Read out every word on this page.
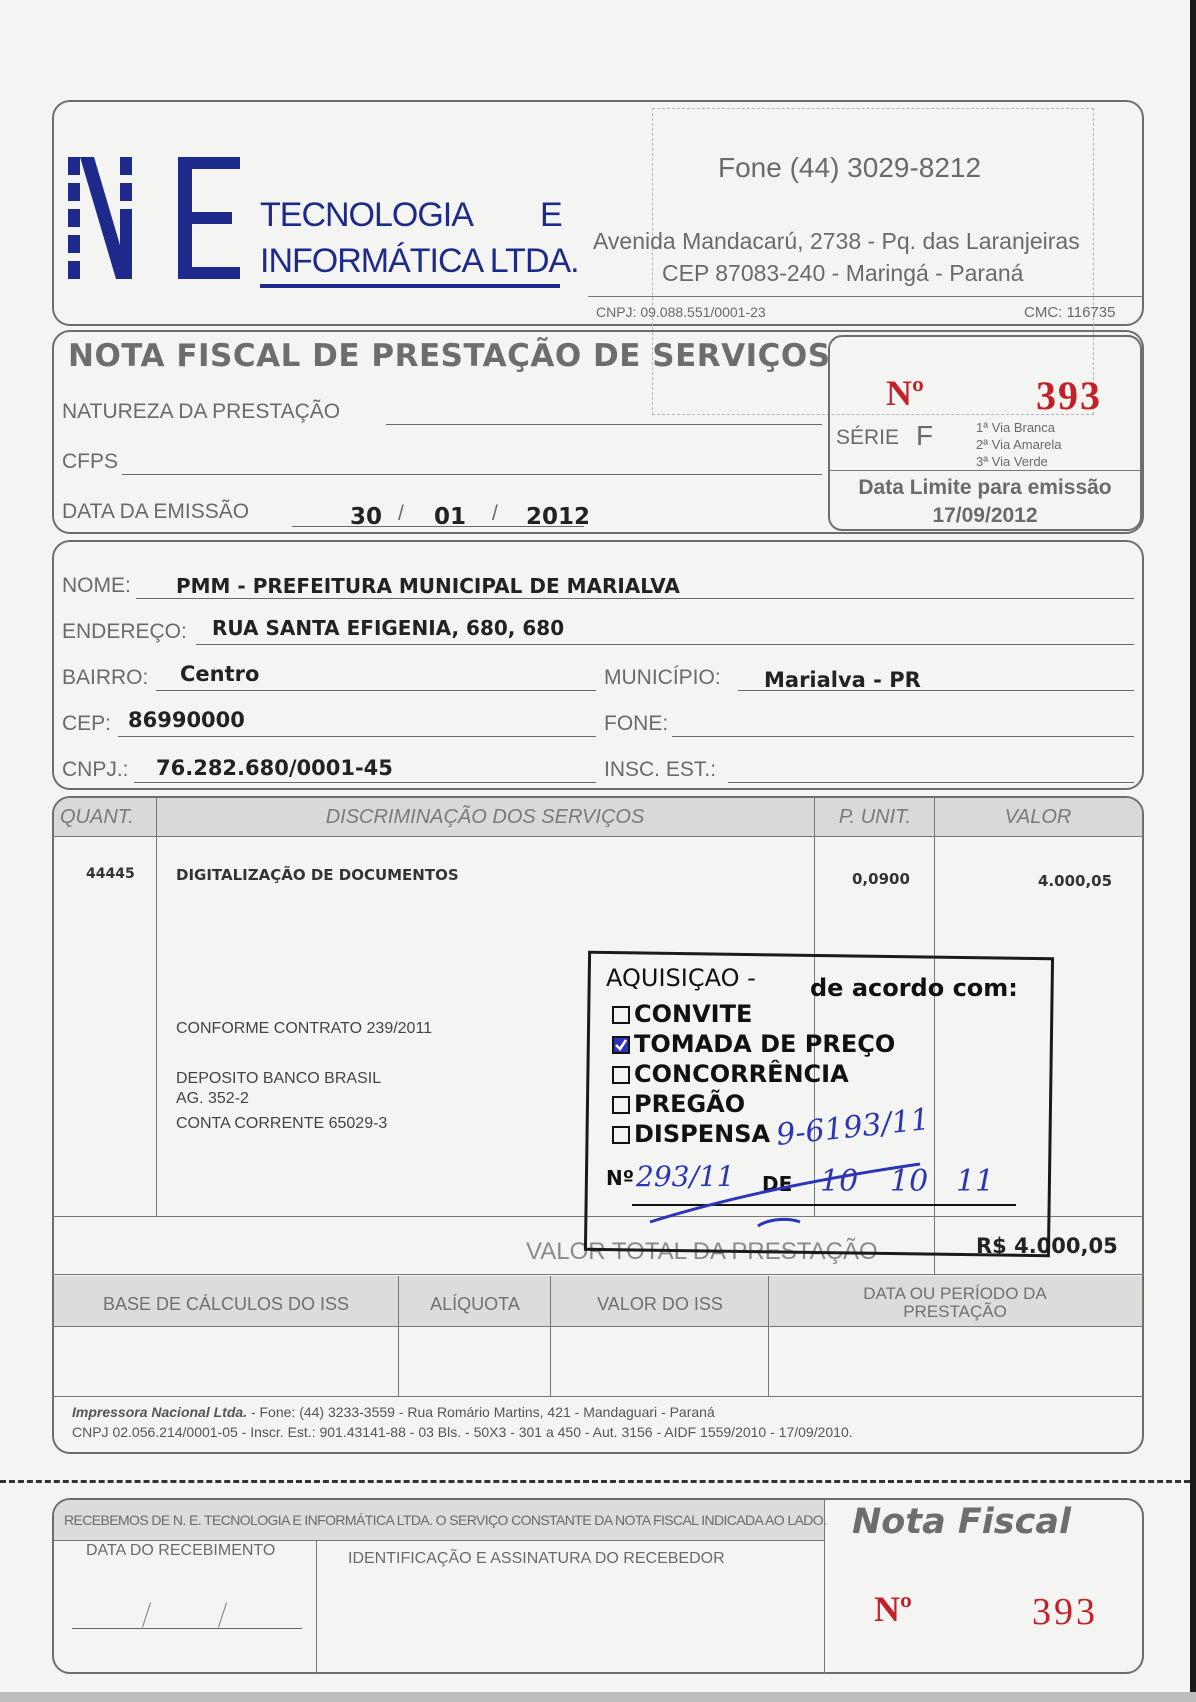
TECNOLOGIA E
INFORMÁTICA LTDA.
Fone (44) 3029-8212
Avenida Mandacarú, 2738 - Pq. das Laranjeiras
CEP 87083-240 - Maringá - Paraná
CNPJ: 09.088.551/0001-23	CMC: 116735
NOTA FISCAL DE PRESTAÇÃO DE SERVIÇOS
NATUREZA DA PRESTAÇÃO
CFPS
DATA DA EMISSÃO	30 / 01 / 2012
Nº	393
SÉRIE F	1ª Via Branca
2ª Via Amarela
3ª Via Verde
Data Limite para emissão
17/09/2012
NOME: PMM - PREFEITURA MUNICIPAL DE MARIALVA
ENDEREÇO: RUA SANTA EFIGENIA, 680, 680
BAIRRO: Centro	MUNICÍPIO: Marialva - PR
CEP: 86990000	FONE:
CNPJ.: 76.282.680/0001-45	INSC. EST.:
QUANT.	DISCRIMINAÇÃO DOS SERVIÇOS	P. UNIT.	VALOR
44445	DIGITALIZAÇÃO DE DOCUMENTOS	0,0900	4.000,05
CONFORME CONTRATO 239/2011
DEPOSITO BANCO BRASIL
AG. 352-2
CONTA CORRENTE 65029-3
VALOR TOTAL DA PRESTAÇÃO	R$ 4.000,05
BASE DE CÁLCULOS DO ISS	ALÍQUOTA	VALOR DO ISS
DATA OU PERÍODO DA PRESTAÇÃO
Impressora Nacional Ltda. - Fone: (44) 3233-3559 - Rua Romário Martins, 421 - Mandaguari - Paraná
CNPJ 02.056.214/0001-05 - Inscr. Est.: 901.43141-88 - 03 Bls. - 50X3 - 301 a 450 - Aut. 3156 - AIDF 1559/2010 - 17/09/2010.
AQUISIÇAO - de acordo com:
CONVITE
TOMADA DE PREÇO
CONCORRÊNCIA
PREGÃO
DISPENSA
Nº 293/11 DE 10 10 11
9-6193/11
RECEBEMOS DE N. E. TECNOLOGIA E INFORMÁTICA LTDA. O SERVIÇO CONSTANTE DA NOTA FISCAL INDICADA AO LADO. Nota Fiscal
DATA DO RECEBIMENTO	IDENTIFICAÇÃO E ASSINATURA DO RECEBEDOR
Nº	393
